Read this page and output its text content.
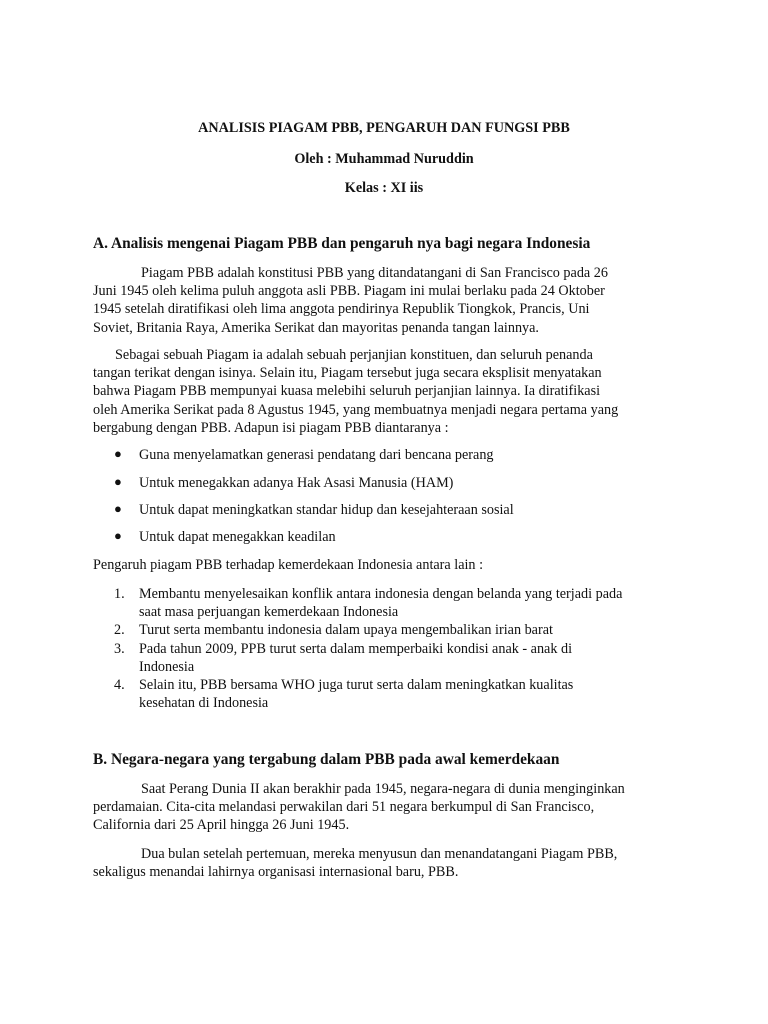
ANALISIS PIAGAM PBB, PENGARUH DAN FUNGSI PBB
Oleh : Muhammad Nuruddin
Kelas : XI iis
A. Analisis mengenai Piagam PBB dan pengaruh nya bagi negara Indonesia
Piagam PBB adalah konstitusi PBB yang ditandatangani di San Francisco pada 26
Juni 1945 oleh kelima puluh anggota asli PBB. Piagam ini mulai berlaku pada 24 Oktober
1945 setelah diratifikasi oleh lima anggota pendirinya Republik Tiongkok, Prancis, Uni
Soviet, Britania Raya, Amerika Serikat dan mayoritas penanda tangan lainnya.
Sebagai sebuah Piagam ia adalah sebuah perjanjian konstituen, dan seluruh penanda
tangan terikat dengan isinya. Selain itu, Piagam tersebut juga secara eksplisit menyatakan
bahwa Piagam PBB mempunyai kuasa melebihi seluruh perjanjian lainnya. Ia diratifikasi
oleh Amerika Serikat pada 8 Agustus 1945, yang membuatnya menjadi negara pertama yang
bergabung dengan PBB. Adapun isi piagam PBB diantaranya :
● Guna menyelamatkan generasi pendatang dari bencana perang
● Untuk menegakkan adanya Hak Asasi Manusia (HAM)
● Untuk dapat meningkatkan standar hidup dan kesejahteraan sosial
● Untuk dapat menegakkan keadilan
Pengaruh piagam PBB terhadap kemerdekaan Indonesia antara lain :
1. Membantu menyelesaikan konflik antara indonesia dengan belanda yang terjadi pada
saat masa perjuangan kemerdekaan Indonesia
2. Turut serta membantu indonesia dalam upaya mengembalikan irian barat
3. Pada tahun 2009, PPB turut serta dalam memperbaiki kondisi anak - anak di
Indonesia
4. Selain itu, PBB bersama WHO juga turut serta dalam meningkatkan kualitas
kesehatan di Indonesia
B. Negara-negara yang tergabung dalam PBB pada awal kemerdekaan
Saat Perang Dunia II akan berakhir pada 1945, negara-negara di dunia menginginkan
perdamaian. Cita-cita melandasi perwakilan dari 51 negara berkumpul di San Francisco,
California dari 25 April hingga 26 Juni 1945.
Dua bulan setelah pertemuan, mereka menyusun dan menandatangani Piagam PBB,
sekaligus menandai lahirnya organisasi internasional baru, PBB.
